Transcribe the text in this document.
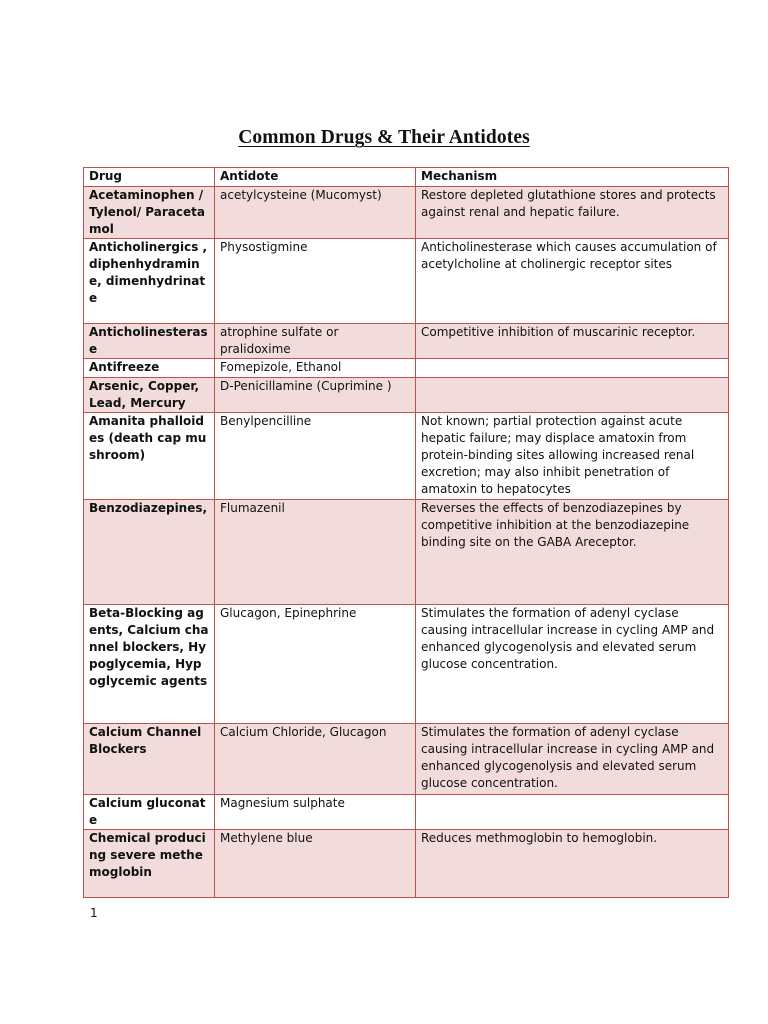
Common Drugs & Their Antidotes
Drug	Antidote	Mechanism
Acetaminophen /Tylenol/ Paracetamol	acetylcysteine (Mucomyst)	Restore depleted glutathione stores and protects against renal and hepatic failure.
Anticholinergics , diphenhydramine, dimenhydrinate	Physostigmine	Anticholinesterase which causes accumulation of acetylcholine at cholinergic receptor sites
Anticholinesterase	atrophine sulfate or pralidoxime	Competitive inhibition of muscarinic receptor.
Antifreeze	Fomepizole, Ethanol	
Arsenic, Copper, Lead, Mercury	D-Penicillamine (Cuprimine )	
Amanita phalloides (death cap mushroom)	Benylpencilline	Not known; partial protection against acute hepatic failure; may displace amatoxin from protein-binding sites allowing increased renal excretion; may also inhibit penetration of amatoxin to hepatocytes
Benzodiazepines,	Flumazenil	Reverses the effects of benzodiazepines by competitive inhibition at the benzodiazepine binding site on the GABA Areceptor.
Beta-Blocking agents, Calcium channel blockers, Hypoglycemia, Hypoglycemic agents	Glucagon, Epinephrine	Stimulates the formation of adenyl cyclase causing intracellular increase in cycling AMP and enhanced glycogenolysis and elevated serum glucose concentration.
Calcium Channel Blockers	Calcium Chloride, Glucagon	Stimulates the formation of adenyl cyclase causing intracellular increase in cycling AMP and enhanced glycogenolysis and elevated serum glucose concentration.
Calcium gluconate	Magnesium sulphate	
Chemical producing severe methemoglobin	Methylene blue	Reduces methmoglobin to hemoglobin.
1
